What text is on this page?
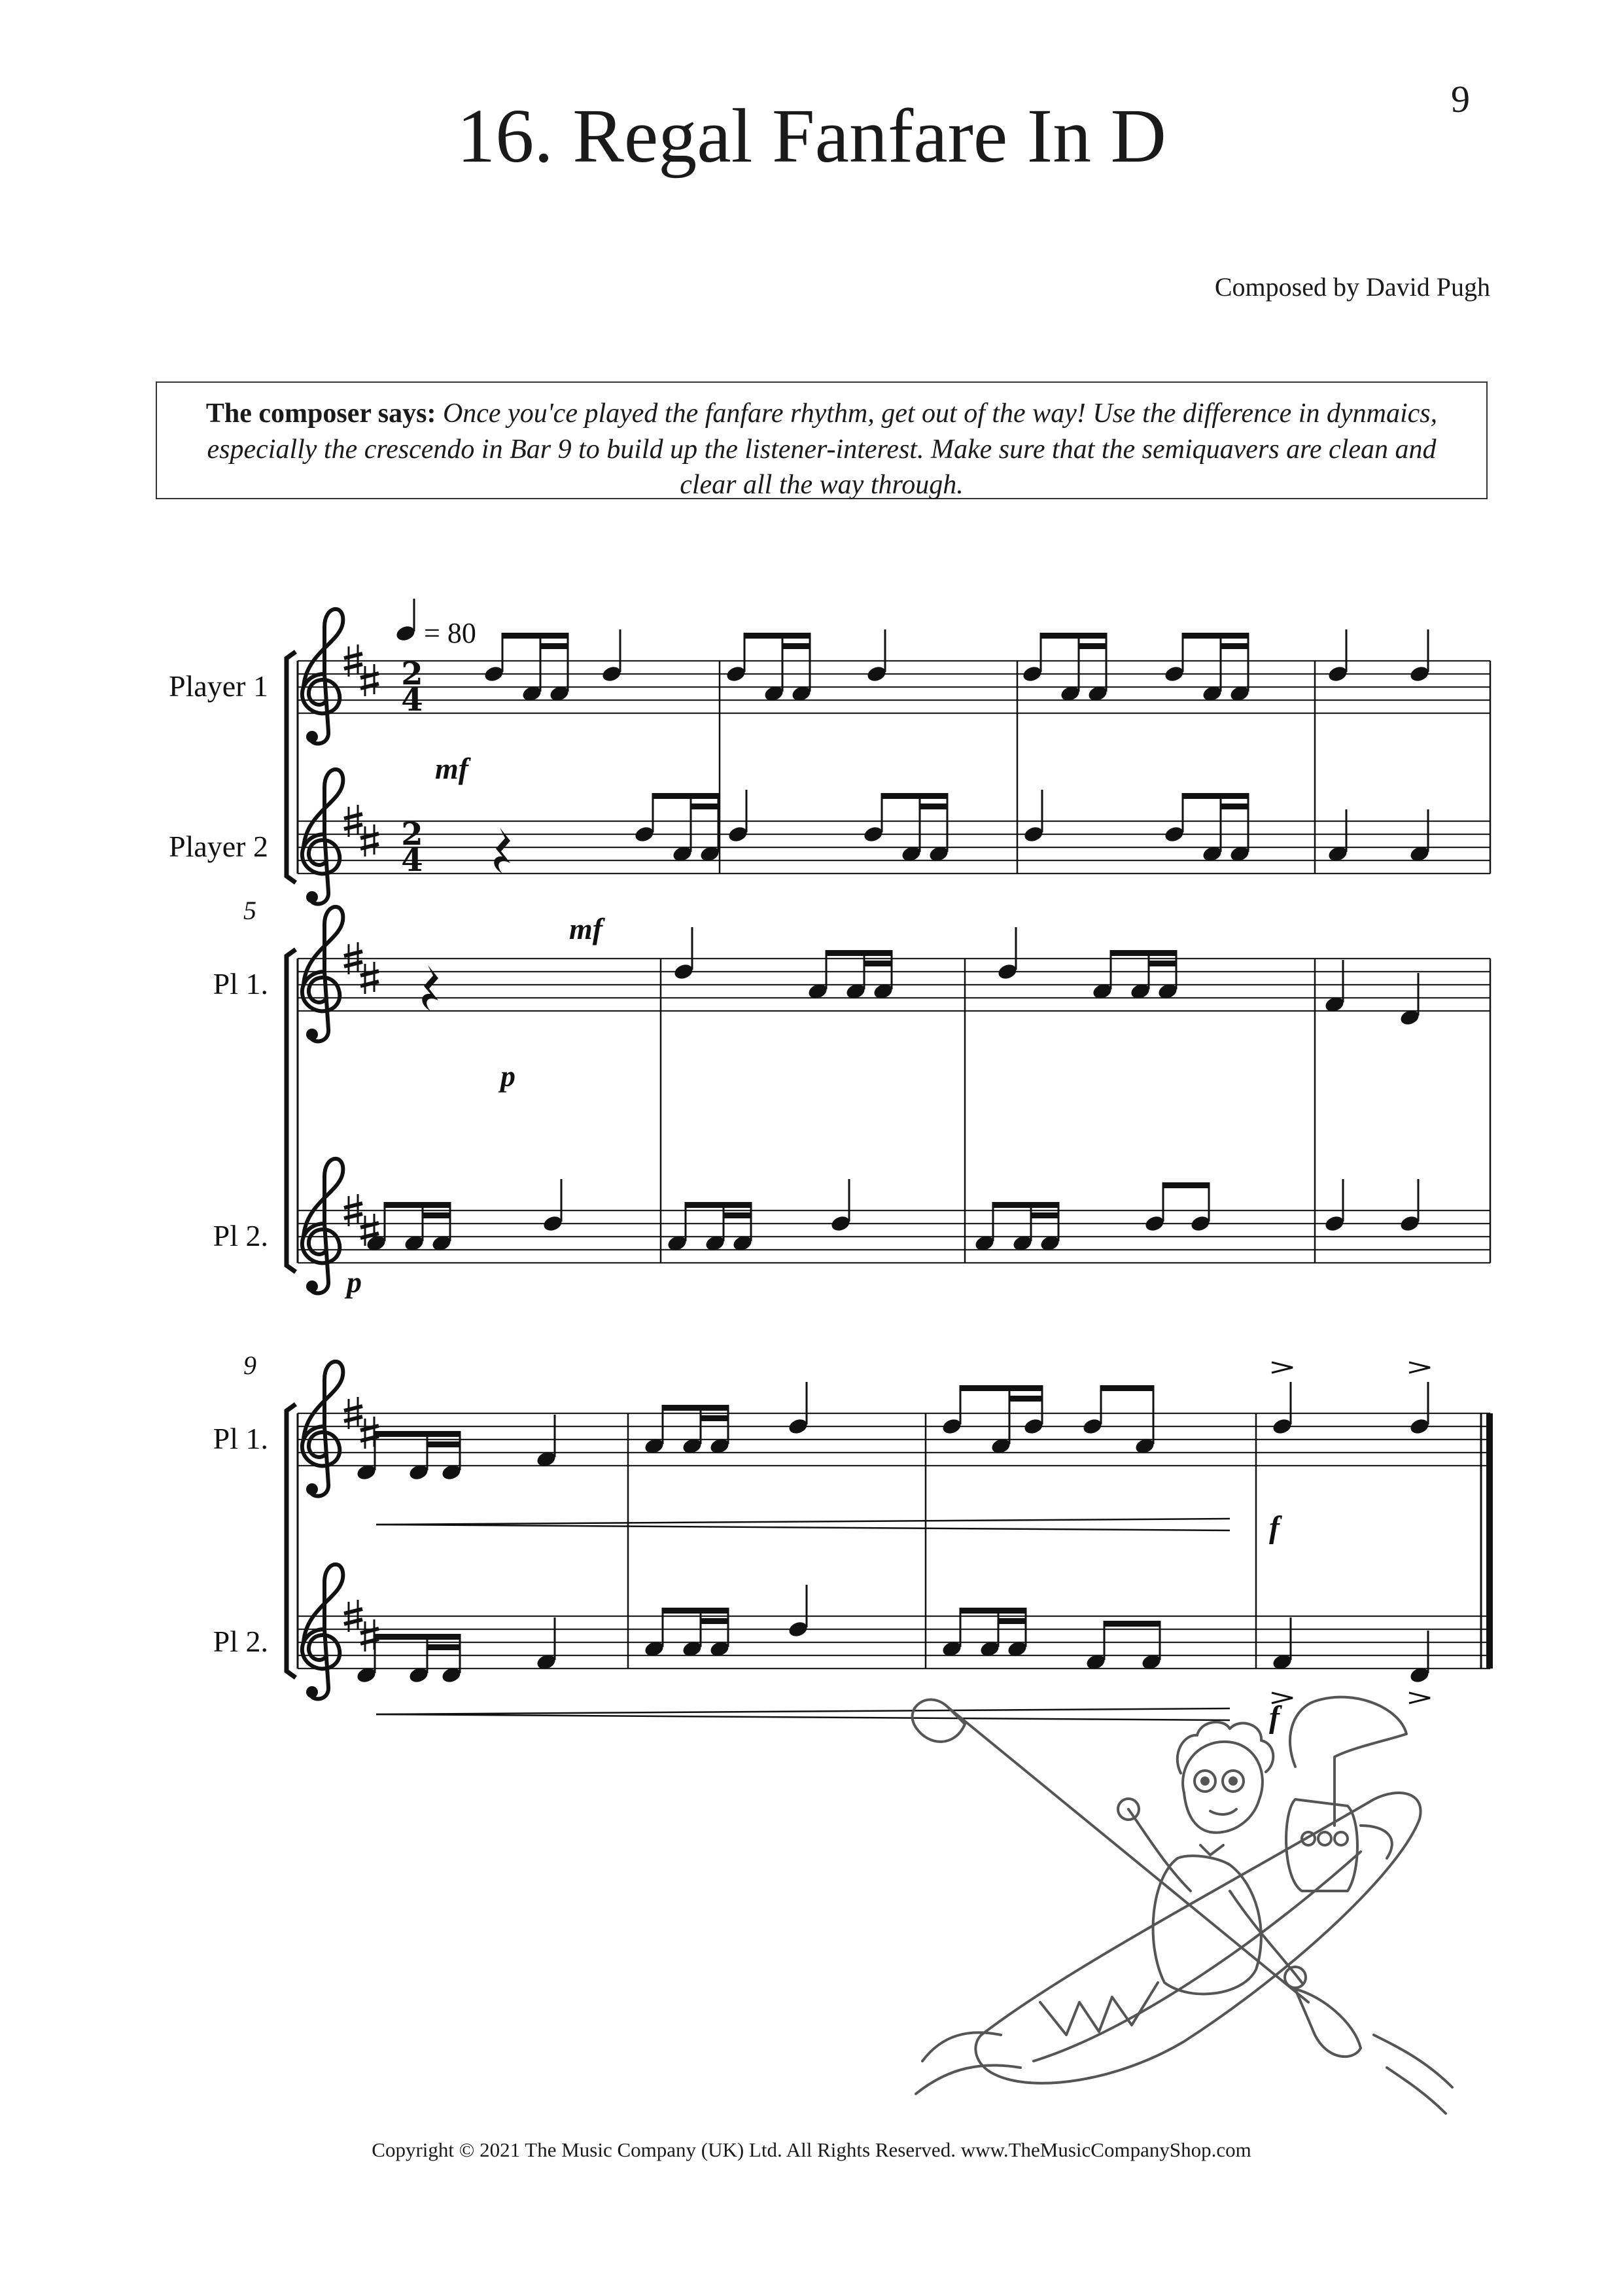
9
16. Regal Fanfare In D
Composed by David Pugh
The composer says: Once you'ce played the fanfare rhythm, get out of the way! Use the difference in dynmaics, especially the crescendo in Bar 9 to build up the listener-interest. Make sure that the semiquavers are clean and clear all the way through.
Player 1
Player 2
Pl 1.
Pl 2.
5
Pl 1.
Pl 2.
9
2
4
2
4
= 80
mf
mf
p
p
f
f
Copyright © 2021 The Music Company (UK) Ltd. All Rights Reserved. www.TheMusicCompanyShop.com
